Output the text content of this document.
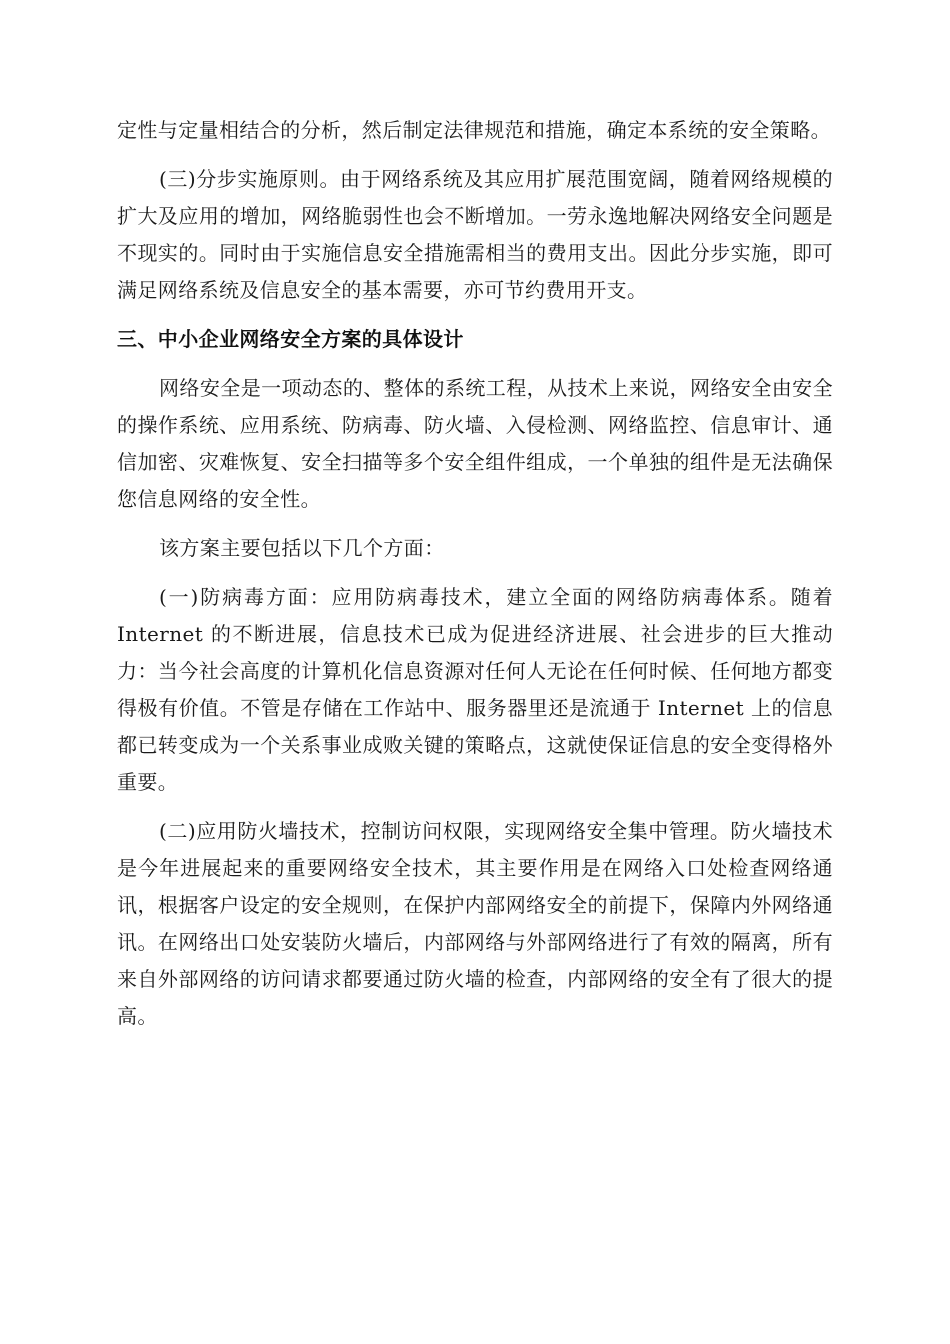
定性与定量相结合的分析，然后制定法律规范和措施，确定本系统的安全策略。

(三)分步实施原则。由于网络系统及其应用扩展范围宽阔，随着网络规模的扩大及应用的增加，网络脆弱性也会不断增加。一劳永逸地解决网络安全问题是不现实的。同时由于实施信息安全措施需相当的费用支出。因此分步实施，即可满足网络系统及信息安全的基本需要，亦可节约费用开支。

三、中小企业网络安全方案的具体设计

网络安全是一项动态的、整体的系统工程，从技术上来说，网络安全由安全的操作系统、应用系统、防病毒、防火墙、入侵检测、网络监控、信息审计、通信加密、灾难恢复、安全扫描等多个安全组件组成，一个单独的组件是无法确保您信息网络的安全性。

该方案主要包括以下几个方面：

(一)防病毒方面：应用防病毒技术，建立全面的网络防病毒体系。随着 Internet 的不断进展，信息技术已成为促进经济进展、社会进步的巨大推动力：当今社会高度的计算机化信息资源对任何人无论在任何时候、任何地方都变得极有价值。不管是存储在工作站中、服务器里还是流通于 Internet 上的信息都已转变成为一个关系事业成败关键的策略点，这就使保证信息的安全变得格外重要。

(二)应用防火墙技术，控制访问权限，实现网络安全集中管理。防火墙技术是今年进展起来的重要网络安全技术，其主要作用是在网络入口处检查网络通讯，根据客户设定的安全规则，在保护内部网络安全的前提下，保障内外网络通讯。在网络出口处安装防火墙后，内部网络与外部网络进行了有效的隔离，所有来自外部网络的访问请求都要通过防火墙的检查，内部网络的安全有了很大的提高。
